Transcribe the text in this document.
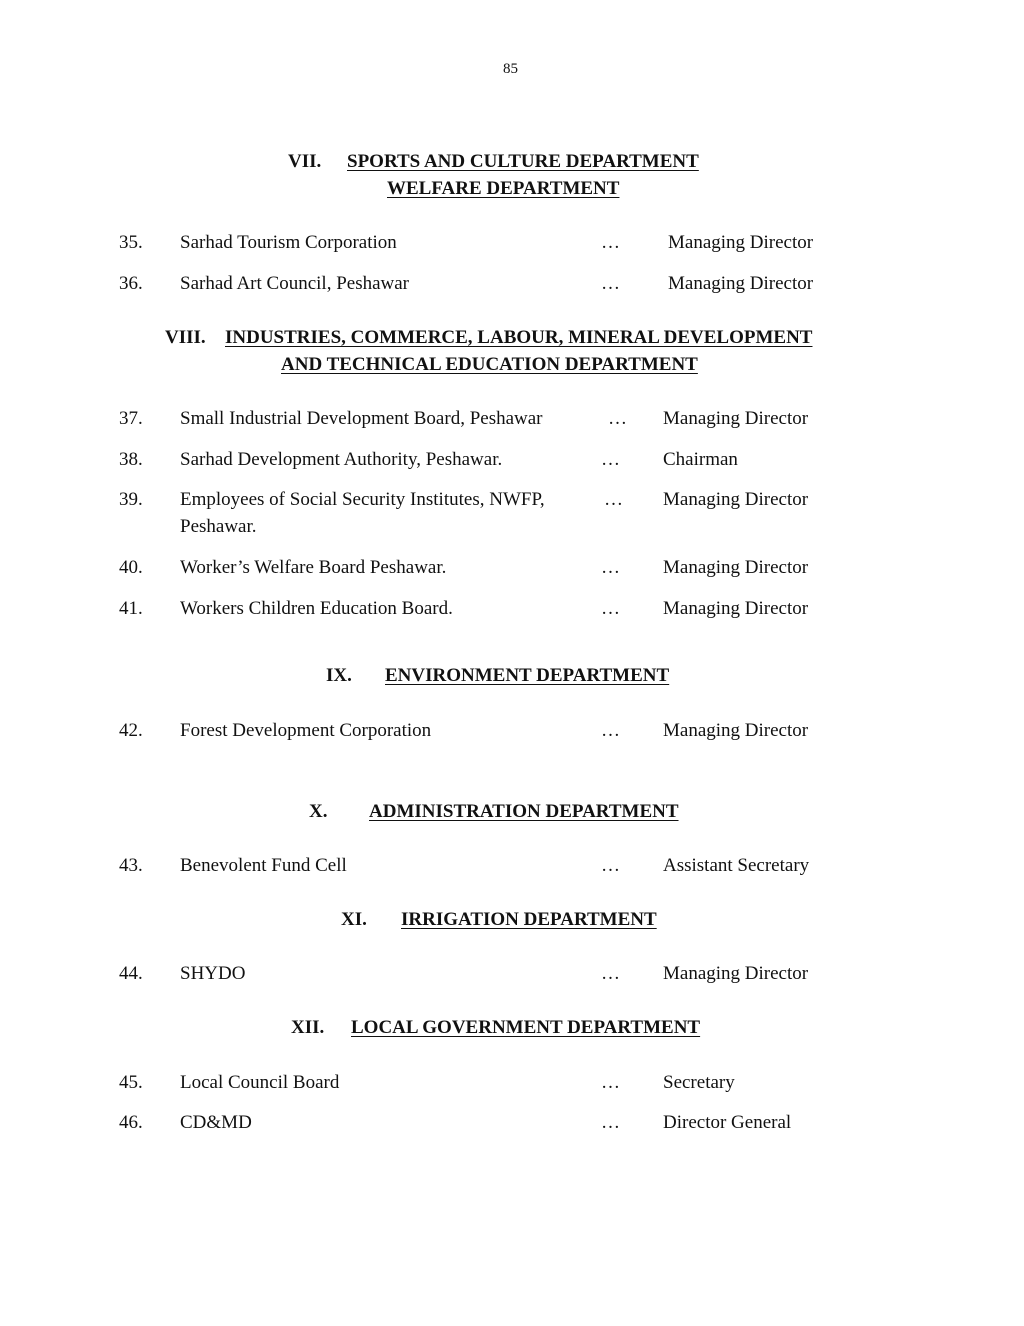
85
VII. SPORTS AND CULTURE DEPARTMENT
WELFARE DEPARTMENT
35. Sarhad Tourism Corporation	…	Managing Director
36. Sarhad Art Council, Peshawar	…	Managing Director
VIII. INDUSTRIES, COMMERCE, LABOUR, MINERAL DEVELOPMENT
AND TECHNICAL EDUCATION DEPARTMENT
37. Small Industrial Development Board, Peshawar	… Managing Director
38. Sarhad Development Authority, Peshawar.	… Chairman
39. Employees of Social Security Institutes, NWFP,
Peshawar.
… Managing Director
40. Worker’s Welfare Board Peshawar.	… Managing Director
41. Workers Children Education Board.	… Managing Director
IX. ENVIRONMENT DEPARTMENT
42. Forest Development Corporation	… Managing Director
X. ADMINISTRATION DEPARTMENT
43. Benevolent Fund Cell	… Assistant Secretary
XI. IRRIGATION DEPARTMENT
44. SHYDO	… Managing Director
XII. LOCAL GOVERNMENT DEPARTMENT
45. Local Council Board	… Secretary
46. CD&MD	… Director General
